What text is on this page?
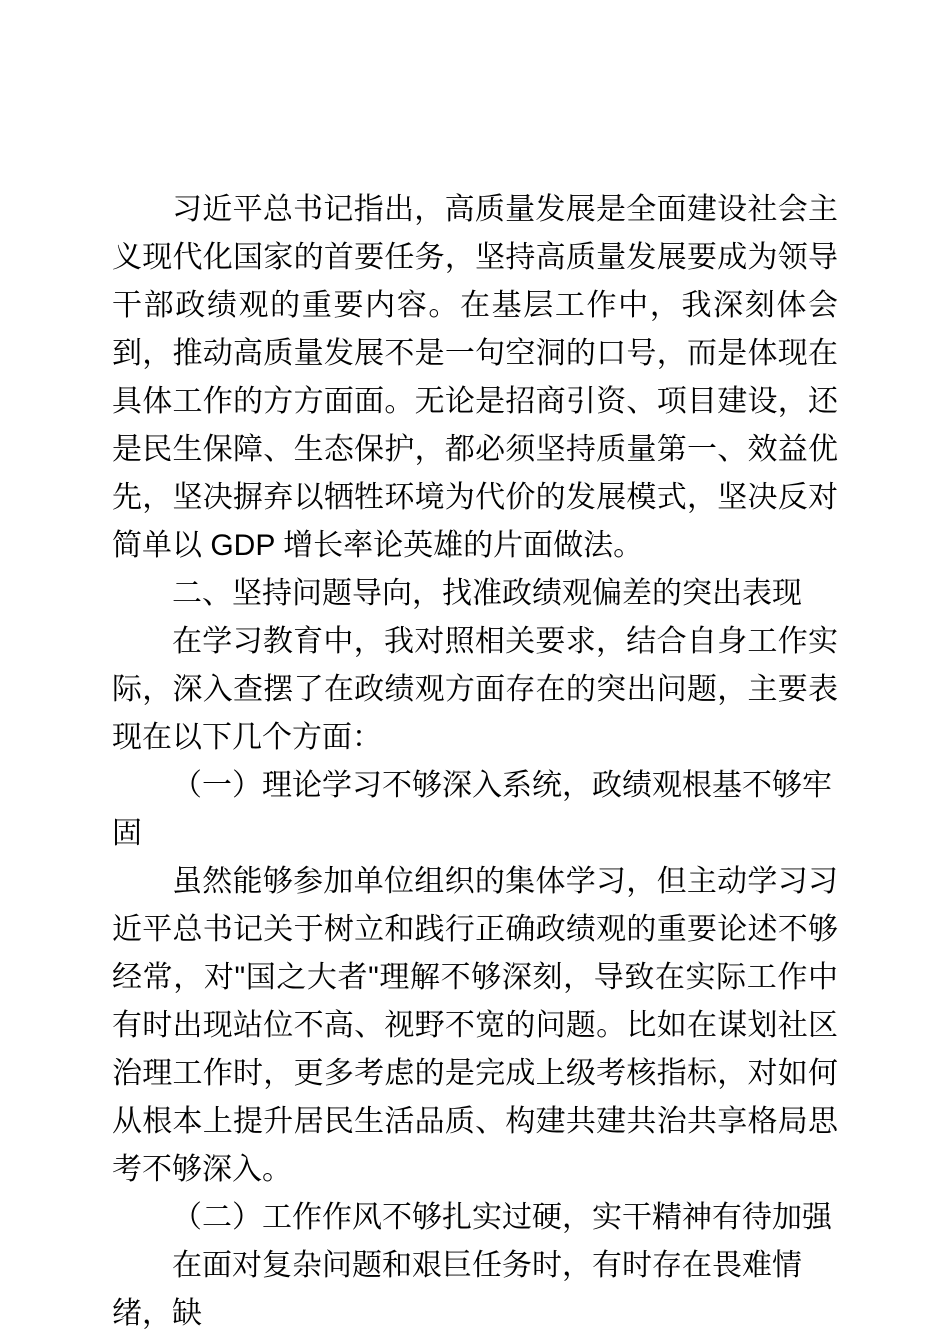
习近平总书记指出，高质量发展是全面建设社会主义现代化国家的首要任务，坚持高质量发展要成为领导干部政绩观的重要内容。在基层工作中，我深刻体会到，推动高质量发展不是一句空洞的口号，而是体现在具体工作的方方面面。无论是招商引资、项目建设，还是民生保障、生态保护，都必须坚持质量第一、效益优先，坚决摒弃以牺牲环境为代价的发展模式，坚决反对简单以 GDP 增长率论英雄的片面做法。

二、坚持问题导向，找准政绩观偏差的突出表现

在学习教育中，我对照相关要求，结合自身工作实际，深入查摆了在政绩观方面存在的突出问题，主要表现在以下几个方面：

（一）理论学习不够深入系统，政绩观根基不够牢固

虽然能够参加单位组织的集体学习，但主动学习习近平总书记关于树立和践行正确政绩观的重要论述不够经常，对"国之大者"理解不够深刻，导致在实际工作中有时出现站位不高、视野不宽的问题。比如在谋划社区治理工作时，更多考虑的是完成上级考核指标，对如何从根本上提升居民生活品质、构建共建共治共享格局思考不够深入。

（二）工作作风不够扎实过硬，实干精神有待加强

在面对复杂问题和艰巨任务时，有时存在畏难情绪，缺
